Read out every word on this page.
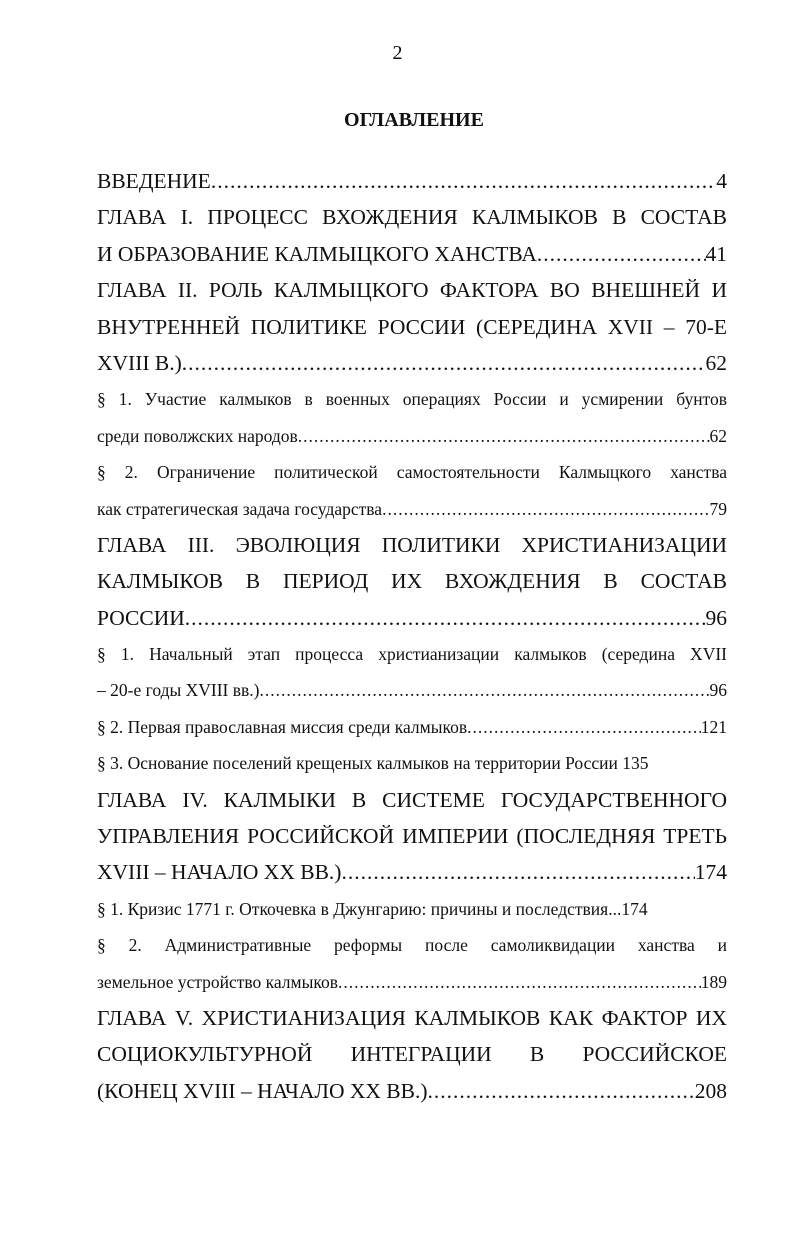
2
ОГЛАВЛЕНИЕ
ВВЕДЕНИЕ .....	4
ГЛАВА I. ПРОЦЕСС ВХОЖДЕНИЯ КАЛМЫКОВ В СОСТАВ
И ОБРАЗОВАНИЕ КАЛМЫЦКОГО ХАНСТВА .....	41
ГЛАВА II. РОЛЬ КАЛМЫЦКОГО ФАКТОРА ВО ВНЕШНЕЙ И
ВНУТРЕННЕЙ ПОЛИТИКЕ РОССИИ (СЕРЕДИНА XVII – 70-Е
XVIII В.) .....	62
§ 1. Участие калмыков в военных операциях России и усмирении бунтов
среди поволжских народов .....	62
§ 2. Ограничение политической самостоятельности Калмыцкого ханства
как стратегическая задача государства .....	79
ГЛАВА III. ЭВОЛЮЦИЯ ПОЛИТИКИ ХРИСТИАНИЗАЦИИ
КАЛМЫКОВ В ПЕРИОД ИХ ВХОЖДЕНИЯ В СОСТАВ
РОССИИ .....	96
§ 1. Начальный этап процесса христианизации калмыков (середина XVII
– 20-е годы XVIII вв.) .....	96
§ 2. Первая православная миссия среди калмыков .....	121
§ 3. Основание поселений крещеных калмыков на территории России 135
ГЛАВА IV. КАЛМЫКИ В СИСТЕМЕ ГОСУДАРСТВЕННОГО
УПРАВЛЕНИЯ РОССИЙСКОЙ ИМПЕРИИ (ПОСЛЕДНЯЯ ТРЕТЬ
XVIII – НАЧАЛО XX ВВ.) .....	174
§ 1. Кризис 1771 г. Откочевка в Джунгарию: причины и последствия...174
§ 2. Административные реформы после самоликвидации ханства и
земельное устройство калмыков .....	189
ГЛАВА V. ХРИСТИАНИЗАЦИЯ КАЛМЫКОВ КАК ФАКТОР ИХ
СОЦИОКУЛЬТУРНОЙ ИНТЕГРАЦИИ В РОССИЙСКОЕ
(КОНЕЦ XVIII – НАЧАЛО XX ВВ.) .....	208
